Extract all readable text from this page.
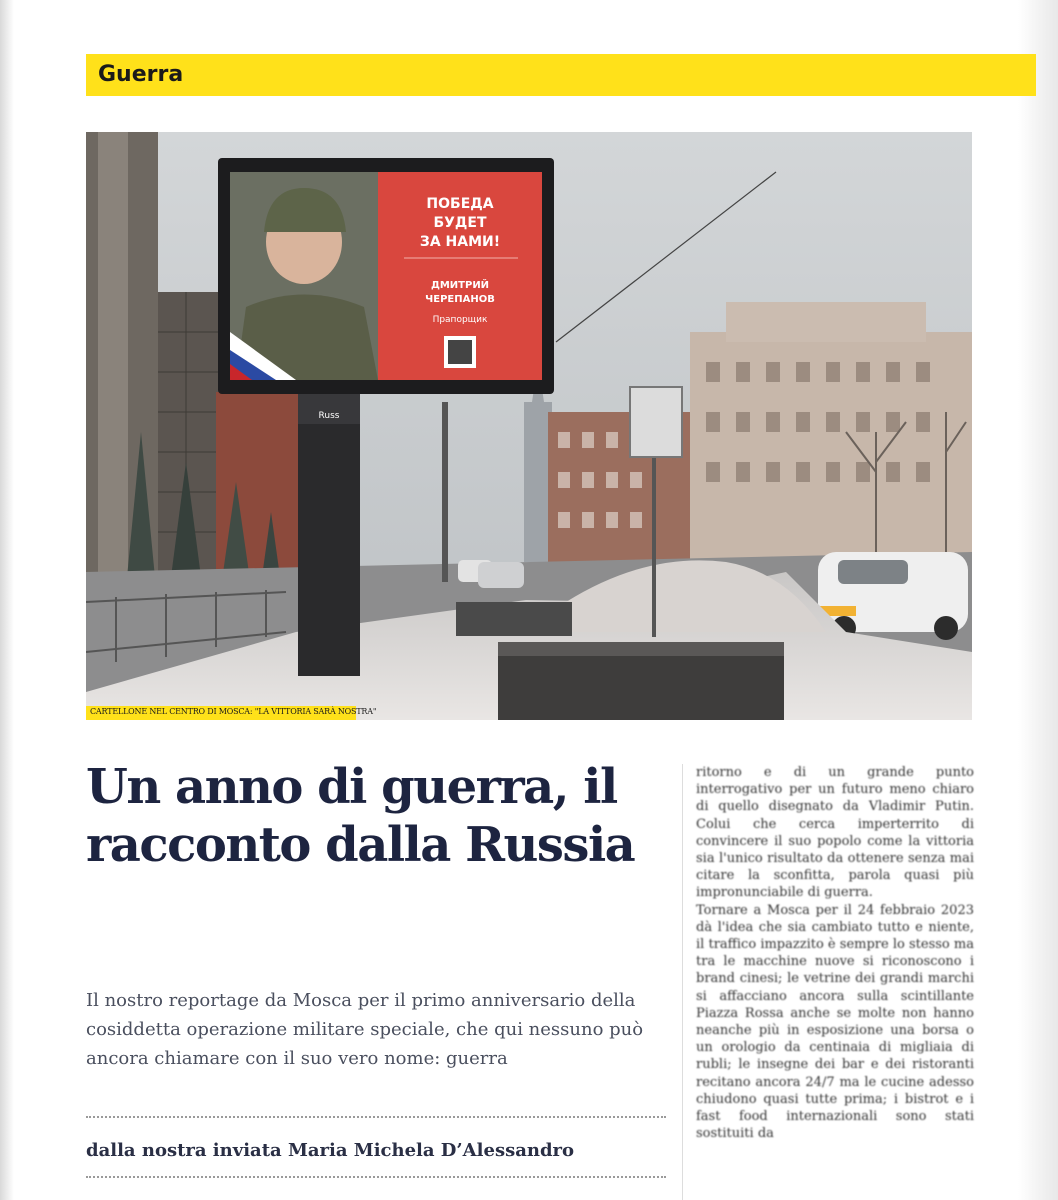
Guerra
ПОБЕДА
БУДЕТ
ЗА НАМИ!
ДМИТРИЙ
ЧЕРЕПАНОВ
Прапорщик
Russ
CARTELLONE NEL CENTRO DI MOSCA: "LA VITTORIA SARÀ NOSTRA"
Un anno di guerra, il racconto dalla Russia

Il nostro reportage da Mosca per il primo anniversario della cosiddetta operazione militare speciale, che qui nessuno può ancora chiamare con il suo vero nome: guerra

dalla nostra inviata Maria Michela D’Alessandro

ritorno e di un grande punto interrogativo per un futuro meno chiaro di quello disegnato da Vladimir Putin. Colui che cerca imperterrito di convincere il suo popolo come la vittoria sia l'unico risultato da ottenere senza mai citare la sconfitta, parola quasi più impronunciabile di guerra.

Tornare a Mosca per il 24 febbraio 2023 dà l'idea che sia cambiato tutto e niente, il traffico impazzito è sempre lo stesso ma tra le macchine nuove si riconoscono i brand cinesi; le vetrine dei grandi marchi si affacciano ancora sulla scintillante Piazza Rossa anche se molte non hanno neanche più in esposizione una borsa o un orologio da centinaia di migliaia di rubli; le insegne dei bar e dei ristoranti recitano ancora 24/7 ma le cucine adesso chiudono quasi tutte prima; i bistrot e i fast food internazionali sono stati sostituiti da
